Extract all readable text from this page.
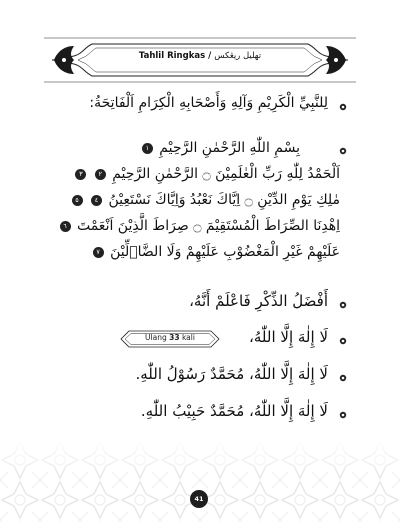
Tahlil Ringkas / تهليل ريڠكس
لِلنَّبِيِّ الْكَرِيْمِ وَآلِهِ وَأَصْحَابِهِ الْكِرَامِ اَلْفَاتِحَةُ:
بِسْمِ اللّٰهِ الرَّحْمٰنِ الرَّحِيْمِ ١
اَلْحَمْدُ لِلّٰهِ رَبِّ الْعٰلَمِيْنَ ۝ الرَّحْمٰنِ الرَّحِيْمِ ٢ ٣
مٰلِكِ يَوْمِ الدِّيْنِ ۝ اِيَّاكَ نَعْبُدُ وَاِيَّاكَ نَسْتَعِيْنُ ٤ ٥
اِهْدِنَا الصِّرَاطَ الْمُسْتَقِيْمَ ۝ صِرَاطَ الَّذِيْنَ اَنْعَمْتَ ٦
عَلَيْهِمْ غَيْرِ الْمَغْضُوْبِ عَلَيْهِمْ وَلَا الضَّاۤلِّيْنَ ٧
أَفْضَلُ الذِّكْرِ فَاعْلَمْ أَنَّهُ،
Ulang 33 kali	لَا إِلٰهَ إِلَّا اللّٰهُ،
لَا إِلٰهَ إِلَّا اللّٰهُ، مُحَمَّدٌ رَسُوْلُ اللّٰهِ.
لَا إِلٰهَ إِلَّا اللّٰهُ، مُحَمَّدٌ حَبِيْبُ اللّٰهِ.
41
